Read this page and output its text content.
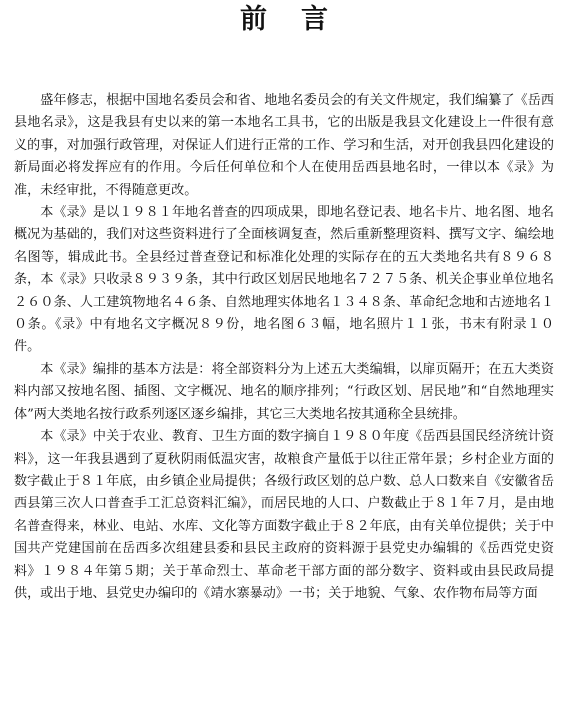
前言

盛年修志，根据中国地名委员会和省、地地名委员会的有关文件规定，我们编纂了《岳西县地名录》，这是我县有史以来的第一本地名工具书，它的出版是我县文化建设上一件很有意义的事，对加强行政管理，对保证人们进行正常的工作、学习和生活，对开创我县四化建设的新局面必将发挥应有的作用。今后任何单位和个人在使用岳西县地名时，一律以本《录》为准，未经审批，不得随意更改。

本《录》是以１９８１年地名普查的四项成果，即地名登记表、地名卡片、地名图、地名概况为基础的，我们对这些资料进行了全面核调复查，然后重新整理资料、撰写文字、编绘地名图等，辑成此书。全县经过普查登记和标准化处理的实际存在的五大类地名共有８９６８条，本《录》只收录８９３９条，其中行政区划居民地地名７２７５条、机关企事业单位地名２６０条、人工建筑物地名４６条、自然地理实体地名１３４８条、革命纪念地和古迹地名１０条。《录》中有地名文字概况８９份，地名图６３幅，地名照片１１张，书末有附录１０件。

本《录》编排的基本方法是：将全部资料分为上述五大类编辑，以扉页隔开；在五大类资料内部又按地名图、插图、文字概况、地名的顺序排列；“行政区划、居民地”和“自然地理实体”两大类地名按行政系列逐区逐乡编排，其它三大类地名按其通称全县统排。

本《录》中关于农业、教育、卫生方面的数字摘自１９８０年度《岳西县国民经济统计资料》，这一年我县遇到了夏秋阴雨低温灾害，故粮食产量低于以往正常年景；乡村企业方面的数字截止于８１年底，由乡镇企业局提供；各级行政区划的总户数、总人口数来自《安徽省岳西县第三次人口普查手工汇总资料汇编》，而居民地的人口、户数截止于８１年７月，是由地名普查得来，林业、电站、水库、文化等方面数字截止于８２年底，由有关单位提供；关于中国共产党建国前在岳西多次组建县委和县民主政府的资料源于县党史办编辑的《岳西党史资料》１９８４年第５期；关于革命烈士、革命老干部方面的部分数字、资料或由县民政局提供，或出于地、县党史办编印的《靖水寨暴动》一书；关于地貌、气象、农作物布局等方面
